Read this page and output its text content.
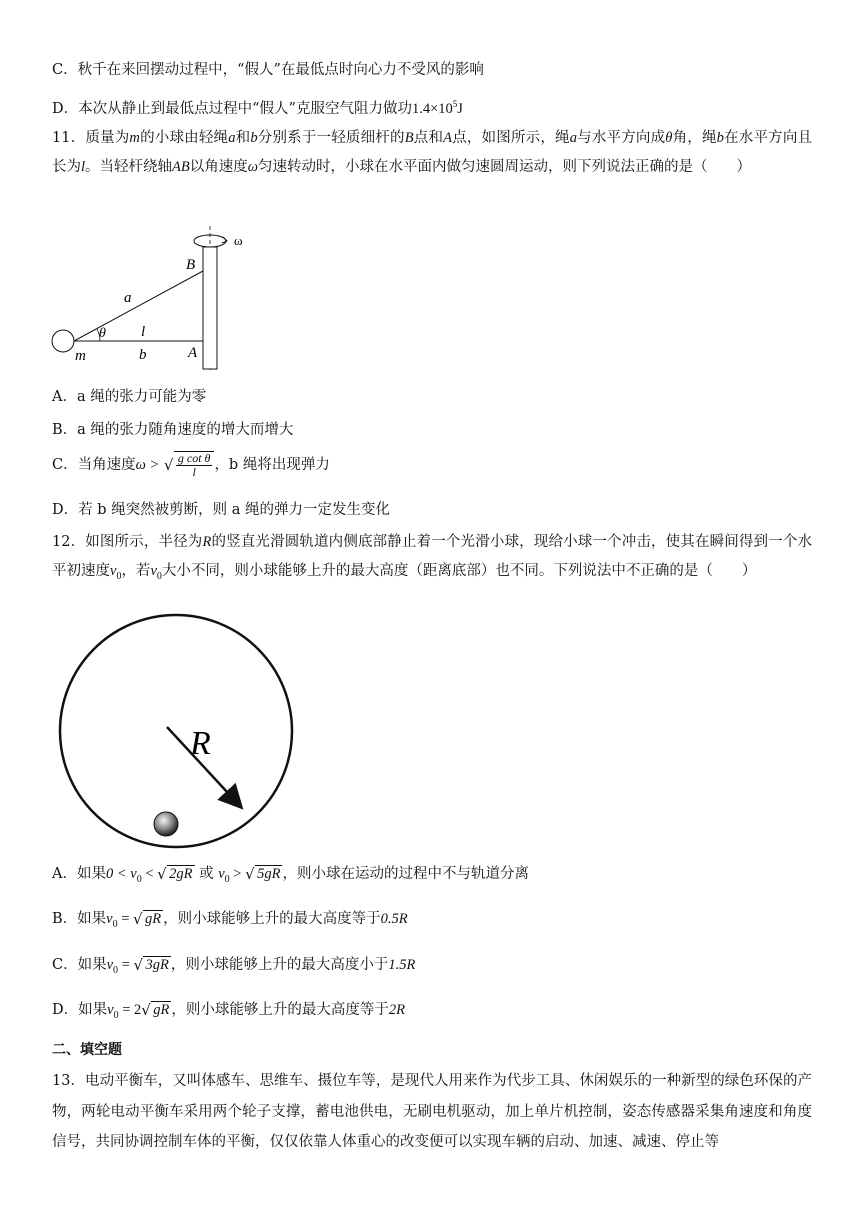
C．秋千在来回摆动过程中，“假人”在最低点时向心力不受风的影响
D．本次从静止到最低点过程中“假人”克服空气阻力做功$1.4\times 10^5J$
11．质量为m的小球由轻绳a和b分别系于一轻质细杆的B点和A点，如图所示，绳a与水平方向成θ角，绳b在水平方向且长为l。当轻杆绕轴AB以角速度ω匀速转动时，小球在水平面内做匀速圆周运动，则下列说法正确的是（　　）
ω
B
A
a
θ l
b
m
A．a 绳的张力可能为零
B．a 绳的张力随角速度的增大而增大
C．当角速度ω > √ $\frac{\text{g cot θ}}{l}$ ，b 绳将出现弹力
D．若 b 绳突然被剪断，则 a 绳的弹力一定发生变化
12．如图所示，半径为R的竖直光滑圆轨道内侧底部静止着一个光滑小球，现给小球一个冲击，使其在瞬间得到一个水平初速度$v_0$，若$v_0$大小不同，则小球能够上升的最大高度（距离底部）也不同。下列说法中不正确的是（　　）
R
A．如果$0 < v_0$ < √ 2gR 或 $v_0$ > √ 5gR ，则小球在运动的过程中不与轨道分离
B．如果$v_0$ = √ gR ，则小球能够上升的最大高度等于0.5R
C．如果$v_0$ = √ 3gR ，则小球能够上升的最大高度小于1.5R
D．如果$v_0 = 2$ √ gR ，则小球能够上升的最大高度等于2R
二、填空题
13．电动平衡车，又叫体感车、思维车、摄位车等，是现代人用来作为代步工具、休闲娱乐的一种新型的绿色环保的产物，两轮电动平衡车采用两个轮子支撑，蓄电池供电，无刷电机驱动，加上单片机控制，姿态传感器采集角速度和角度信号，共同协调控制车体的平衡，仅仅依靠人体重心的改变便可以实现车辆的启动、加速、减速、停止等
